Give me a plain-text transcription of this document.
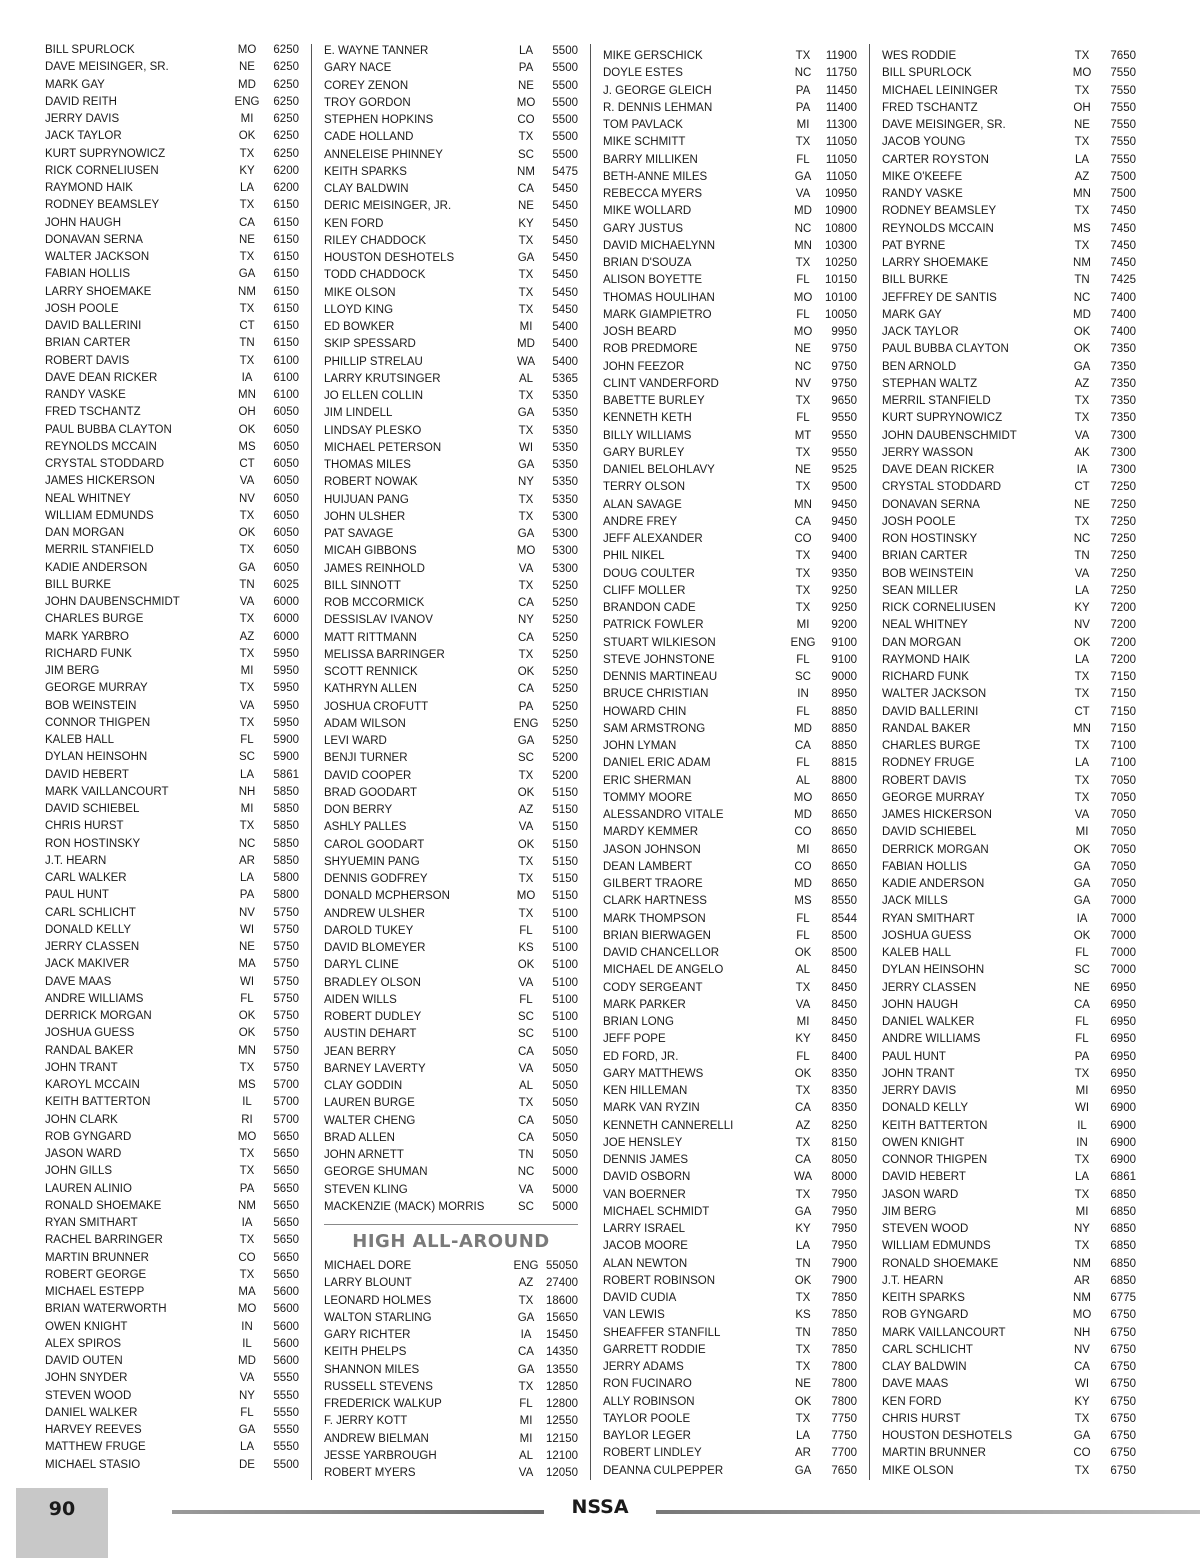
BILL SPURLOCK	MO	6250
DAVE MEISINGER, SR.	NE	6250
MARK GAY	MD	6250
DAVID REITH	ENG	6250
JERRY DAVIS	MI	6250
JACK TAYLOR	OK	6250
KURT SUPRYNOWICZ	TX	6250
RICK CORNELIUSEN	KY	6200
RAYMOND HAIK	LA	6200
RODNEY BEAMSLEY	TX	6150
JOHN HAUGH	CA	6150
DONAVAN SERNA	NE	6150
WALTER JACKSON	TX	6150
FABIAN HOLLIS	GA	6150
LARRY SHOEMAKE	NM	6150
JOSH POOLE	TX	6150
DAVID BALLERINI	CT	6150
BRIAN CARTER	TN	6150
ROBERT DAVIS	TX	6100
DAVE DEAN RICKER	IA	6100
RANDY VASKE	MN	6100
FRED TSCHANTZ	OH	6050
PAUL BUBBA CLAYTON	OK	6050
REYNOLDS MCCAIN	MS	6050
CRYSTAL STODDARD	CT	6050
JAMES HICKERSON	VA	6050
NEAL WHITNEY	NV	6050
WILLIAM EDMUNDS	TX	6050
DAN MORGAN	OK	6050
MERRIL STANFIELD	TX	6050
KADIE ANDERSON	GA	6050
BILL BURKE	TN	6025
JOHN DAUBENSCHMIDT	VA	6000
CHARLES BURGE	TX	6000
MARK YARBRO	AZ	6000
RICHARD FUNK	TX	5950
JIM BERG	MI	5950
GEORGE MURRAY	TX	5950
BOB WEINSTEIN	VA	5950
CONNOR THIGPEN	TX	5950
KALEB HALL	FL	5900
DYLAN HEINSOHN	SC	5900
DAVID HEBERT	LA	5861
MARK VAILLANCOURT	NH	5850
DAVID SCHIEBEL	MI	5850
CHRIS HURST	TX	5850
RON HOSTINSKY	NC	5850
J.T. HEARN	AR	5850
CARL WALKER	LA	5800
PAUL HUNT	PA	5800
CARL SCHLICHT	NV	5750
DONALD KELLY	WI	5750
JERRY CLASSEN	NE	5750
JACK MAKIVER	MA	5750
DAVE MAAS	WI	5750
ANDRE WILLIAMS	FL	5750
DERRICK MORGAN	OK	5750
JOSHUA GUESS	OK	5750
RANDAL BAKER	MN	5750
JOHN TRANT	TX	5750
KAROYL MCCAIN	MS	5700
KEITH BATTERTON	IL	5700
JOHN CLARK	RI	5700
ROB GYNGARD	MO	5650
JASON WARD	TX	5650
JOHN GILLS	TX	5650
LAUREN ALINIO	PA	5650
RONALD SHOEMAKE	NM	5650
RYAN SMITHART	IA	5650
RACHEL BARRINGER	TX	5650
MARTIN BRUNNER	CO	5650
ROBERT GEORGE	TX	5650
MICHAEL ESTEPP	MA	5600
BRIAN WATERWORTH	MO	5600
OWEN KNIGHT	IN	5600
ALEX SPIROS	IL	5600
DAVID OUTEN	MD	5600
JOHN SNYDER	VA	5550
STEVEN WOOD	NY	5550
DANIEL WALKER	FL	5550
HARVEY REEVES	GA	5550
MATTHEW FRUGE	LA	5550
MICHAEL STASIO	DE	5500
E. WAYNE TANNER	LA	5500
GARY NACE	PA	5500
COREY ZENON	NE	5500
TROY GORDON	MO	5500
STEPHEN HOPKINS	CO	5500
CADE HOLLAND	TX	5500
ANNELEISE PHINNEY	SC	5500
KEITH SPARKS	NM	5475
CLAY BALDWIN	CA	5450
DERIC MEISINGER, JR.	NE	5450
KEN FORD	KY	5450
RILEY CHADDOCK	TX	5450
HOUSTON DESHOTELS	GA	5450
TODD CHADDOCK	TX	5450
MIKE OLSON	TX	5450
LLOYD KING	TX	5450
ED BOWKER	MI	5400
SKIP SPESSARD	MD	5400
PHILLIP STRELAU	WA	5400
LARRY KRUTSINGER	AL	5365
JO ELLEN COLLIN	TX	5350
JIM LINDELL	GA	5350
LINDSAY PLESKO	TX	5350
MICHAEL PETERSON	WI	5350
THOMAS MILES	GA	5350
ROBERT NOWAK	NY	5350
HUIJUAN PANG	TX	5350
JOHN ULSHER	TX	5300
PAT SAVAGE	GA	5300
MICAH GIBBONS	MO	5300
JAMES REINHOLD	VA	5300
BILL SINNOTT	TX	5250
ROB MCCORMICK	CA	5250
DESSISLAV IVANOV	NY	5250
MATT RITTMANN	CA	5250
MELISSA BARRINGER	TX	5250
SCOTT RENNICK	OK	5250
KATHRYN ALLEN	CA	5250
JOSHUA CROFUTT	PA	5250
ADAM WILSON	ENG	5250
LEVI WARD	GA	5250
BENJI TURNER	SC	5200
DAVID COOPER	TX	5200
BRAD GOODART	OK	5150
DON BERRY	AZ	5150
ASHLY PALLES	VA	5150
CAROL GOODART	OK	5150
SHYUEMIN PANG	TX	5150
DENNIS GODFREY	TX	5150
DONALD MCPHERSON	MO	5150
ANDREW ULSHER	TX	5100
DAROLD TUKEY	FL	5100
DAVID BLOMEYER	KS	5100
DARYL CLINE	OK	5100
BRADLEY OLSON	VA	5100
AIDEN WILLS	FL	5100
ROBERT DUDLEY	SC	5100
AUSTIN DEHART	SC	5100
JEAN BERRY	CA	5050
BARNEY LAVERTY	VA	5050
CLAY GODDIN	AL	5050
LAUREN BURGE	TX	5050
WALTER CHENG	CA	5050
BRAD ALLEN	CA	5050
JOHN ARNETT	TN	5050
GEORGE SHUMAN	NC	5000
STEVEN KLING	VA	5000
MACKENZIE (MACK) MORRIS	SC	5000
HIGH ALL-AROUND
MICHAEL DORE	ENG 55050
LARRY BLOUNT	AZ	27400
LEONARD HOLMES	TX	18600
WALTON STARLING	GA	15650
GARY RICHTER	IA	15450
KEITH PHELPS	CA	14350
SHANNON MILES	GA	13550
RUSSELL STEVENS	TX	12850
FREDERICK WALKUP	FL	12800
F. JERRY KOTT	MI	12550
ANDREW BIELMAN	MI	12150
JESSE YARBROUGH	AL	12100
ROBERT MYERS	VA	12050
MIKE GERSCHICK	TX	11900
DOYLE ESTES	NC	11750
J. GEORGE GLEICH	PA	11450
R. DENNIS LEHMAN	PA	11400
TOM PAVLACK	MI	11300
MIKE SCHMITT	TX	11050
BARRY MILLIKEN	FL	11050
BETH-ANNE MILES	GA	11050
REBECCA MYERS	VA	10950
MIKE WOLLARD	MD	10900
GARY JUSTUS	NC	10800
DAVID MICHAELYNN	MN	10300
BRIAN D'SOUZA	TX	10250
ALISON BOYETTE	FL	10150
THOMAS HOULIHAN	MO	10100
MARK GIAMPIETRO	FL	10050
JOSH BEARD	MO	9950
ROB PREDMORE	NE	9750
JOHN FEEZOR	NC	9750
CLINT VANDERFORD	NV	9750
BABETTE BURLEY	TX	9650
KENNETH KETH	FL	9550
BILLY WILLIAMS	MT	9550
GARY BURLEY	TX	9550
DANIEL BELOHLAVY	NE	9525
TERRY OLSON	TX	9500
ALAN SAVAGE	MN	9450
ANDRE FREY	CA	9450
JEFF ALEXANDER	CO	9400
PHIL NIKEL	TX	9400
DOUG COULTER	TX	9350
CLIFF MOLLER	TX	9250
BRANDON CADE	TX	9250
PATRICK FOWLER	MI	9200
STUART WILKIESON	ENG	9100
STEVE JOHNSTONE	FL	9100
DENNIS MARTINEAU	SC	9000
BRUCE CHRISTIAN	IN	8950
HOWARD CHIN	FL	8850
SAM ARMSTRONG	MD	8850
JOHN LYMAN	CA	8850
DANIEL ERIC ADAM	FL	8815
ERIC SHERMAN	AL	8800
TOMMY MOORE	MO	8650
ALESSANDRO VITALE	MD	8650
MARDY KEMMER	CO	8650
JASON JOHNSON	MI	8650
DEAN LAMBERT	CO	8650
GILBERT TRAORE	MD	8650
CLARK HARTNESS	MS	8550
MARK THOMPSON	FL	8544
BRIAN BIERWAGEN	FL	8500
DAVID CHANCELLOR	OK	8500
MICHAEL DE ANGELO	AL	8450
CODY SERGEANT	TX	8450
MARK PARKER	VA	8450
BRIAN LONG	MI	8450
JEFF POPE	KY	8450
ED FORD, JR.	FL	8400
GARY MATTHEWS	OK	8350
KEN HILLEMAN	TX	8350
MARK VAN RYZIN	CA	8350
KENNETH CANNERELLI	AZ	8250
JOE HENSLEY	TX	8150
DENNIS JAMES	CA	8050
DAVID OSBORN	WA	8000
VAN BOERNER	TX	7950
MICHAEL SCHMIDT	GA	7950
LARRY ISRAEL	KY	7950
JACOB MOORE	LA	7950
ALAN NEWTON	TN	7900
ROBERT ROBINSON	OK	7900
DAVID CUDIA	TX	7850
VAN LEWIS	KS	7850
SHEAFFER STANFILL	TN	7850
GARRETT RODDIE	TX	7850
JERRY ADAMS	TX	7800
RON FUCINARO	NE	7800
ALLY ROBINSON	OK	7800
TAYLOR POOLE	TX	7750
BAYLOR LEGER	LA	7750
ROBERT LINDLEY	AR	7700
DEANNA CULPEPPER	GA	7650
WES RODDIE	TX	7650
BILL SPURLOCK	MO	7550
MICHAEL LEININGER	TX	7550
FRED TSCHANTZ	OH	7550
DAVE MEISINGER, SR.	NE	7550
JACOB YOUNG	TX	7550
CARTER ROYSTON	LA	7550
MIKE O'KEEFE	AZ	7500
RANDY VASKE	MN	7500
RODNEY BEAMSLEY	TX	7450
REYNOLDS MCCAIN	MS	7450
PAT BYRNE	TX	7450
LARRY SHOEMAKE	NM	7450
BILL BURKE	TN	7425
JEFFREY DE SANTIS	NC	7400
MARK GAY	MD	7400
JACK TAYLOR	OK	7400
PAUL BUBBA CLAYTON	OK	7350
BEN ARNOLD	GA	7350
STEPHAN WALTZ	AZ	7350
MERRIL STANFIELD	TX	7350
KURT SUPRYNOWICZ	TX	7350
JOHN DAUBENSCHMIDT	VA	7300
JERRY WASSON	AK	7300
DAVE DEAN RICKER	IA	7300
CRYSTAL STODDARD	CT	7250
DONAVAN SERNA	NE	7250
JOSH POOLE	TX	7250
RON HOSTINSKY	NC	7250
BRIAN CARTER	TN	7250
BOB WEINSTEIN	VA	7250
SEAN MILLER	LA	7250
RICK CORNELIUSEN	KY	7200
NEAL WHITNEY	NV	7200
DAN MORGAN	OK	7200
RAYMOND HAIK	LA	7200
RICHARD FUNK	TX	7150
WALTER JACKSON	TX	7150
DAVID BALLERINI	CT	7150
RANDAL BAKER	MN	7150
CHARLES BURGE	TX	7100
RODNEY FRUGE	LA	7100
ROBERT DAVIS	TX	7050
GEORGE MURRAY	TX	7050
JAMES HICKERSON	VA	7050
DAVID SCHIEBEL	MI	7050
DERRICK MORGAN	OK	7050
FABIAN HOLLIS	GA	7050
KADIE ANDERSON	GA	7050
JACK MILLS	GA	7000
RYAN SMITHART	IA	7000
JOSHUA GUESS	OK	7000
KALEB HALL	FL	7000
DYLAN HEINSOHN	SC	7000
JERRY CLASSEN	NE	6950
JOHN HAUGH	CA	6950
DANIEL WALKER	FL	6950
ANDRE WILLIAMS	FL	6950
PAUL HUNT	PA	6950
JOHN TRANT	TX	6950
JERRY DAVIS	MI	6950
DONALD KELLY	WI	6900
KEITH BATTERTON	IL	6900
OWEN KNIGHT	IN	6900
CONNOR THIGPEN	TX	6900
DAVID HEBERT	LA	6861
JASON WARD	TX	6850
JIM BERG	MI	6850
STEVEN WOOD	NY	6850
WILLIAM EDMUNDS	TX	6850
RONALD SHOEMAKE	NM	6850
J.T. HEARN	AR	6850
KEITH SPARKS	NM	6775
ROB GYNGARD	MO	6750
MARK VAILLANCOURT	NH	6750
CARL SCHLICHT	NV	6750
CLAY BALDWIN	CA	6750
DAVE MAAS	WI	6750
KEN FORD	KY	6750
CHRIS HURST	TX	6750
HOUSTON DESHOTELS	GA	6750
MARTIN BRUNNER	CO	6750
MIKE OLSON	TX	6750
90	NSSA
